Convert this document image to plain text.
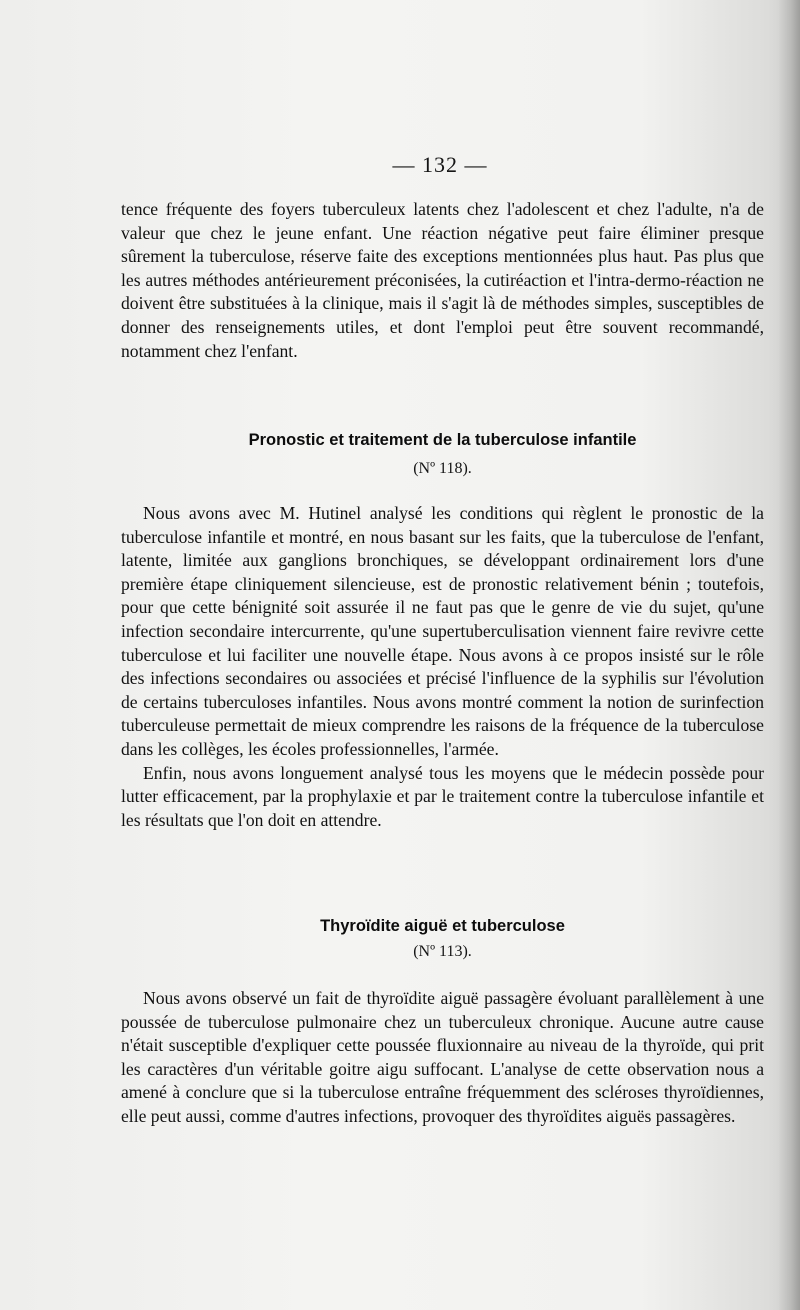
— 132 —

tence fréquente des foyers tuberculeux latents chez l'adolescent et chez l'adulte, n'a de valeur que chez le jeune enfant. Une réaction négative peut faire éliminer presque sûrement la tuberculose, réserve faite des exceptions mentionnées plus haut. Pas plus que les autres méthodes antérieurement préconisées, la cutiréaction et l'intra-dermo-réaction ne doivent être substituées à la clinique, mais il s'agit là de méthodes simples, susceptibles de donner des renseignements utiles, et dont l'emploi peut être souvent recommandé, notamment chez l'enfant.

Pronostic et traitement de la tuberculose infantile
(Nº 118).

Nous avons avec M. Hutinel analysé les conditions qui règlent le pronostic de la tuberculose infantile et montré, en nous basant sur les faits, que la tuberculose de l'enfant, latente, limitée aux ganglions bronchiques, se développant ordinairement lors d'une première étape cliniquement silencieuse, est de pronostic relativement bénin ; toutefois, pour que cette bénignité soit assurée il ne faut pas que le genre de vie du sujet, qu'une infection secondaire intercurrente, qu'une supertuberculisation viennent faire revivre cette tuberculose et lui faciliter une nouvelle étape. Nous avons à ce propos insisté sur le rôle des infections secondaires ou associées et précisé l'influence de la syphilis sur l'évolution de certains tuberculoses infantiles. Nous avons montré comment la notion de surinfection tuberculeuse permettait de mieux comprendre les raisons de la fréquence de la tuberculose dans les collèges, les écoles professionnelles, l'armée.

Enfin, nous avons longuement analysé tous les moyens que le médecin possède pour lutter efficacement, par la prophylaxie et par le traitement contre la tuberculose infantile et les résultats que l'on doit en attendre.

Thyroïdite aiguë et tuberculose
(Nº 113).

Nous avons observé un fait de thyroïdite aiguë passagère évoluant parallèlement à une poussée de tuberculose pulmonaire chez un tuberculeux chronique. Aucune autre cause n'était susceptible d'expliquer cette poussée fluxionnaire au niveau de la thyroïde, qui prit les caractères d'un véritable goitre aigu suffocant. L'analyse de cette observation nous a amené à conclure que si la tuberculose entraîne fréquemment des scléroses thyroïdiennes, elle peut aussi, comme d'autres infections, provoquer des thyroïdites aiguës passagères.
